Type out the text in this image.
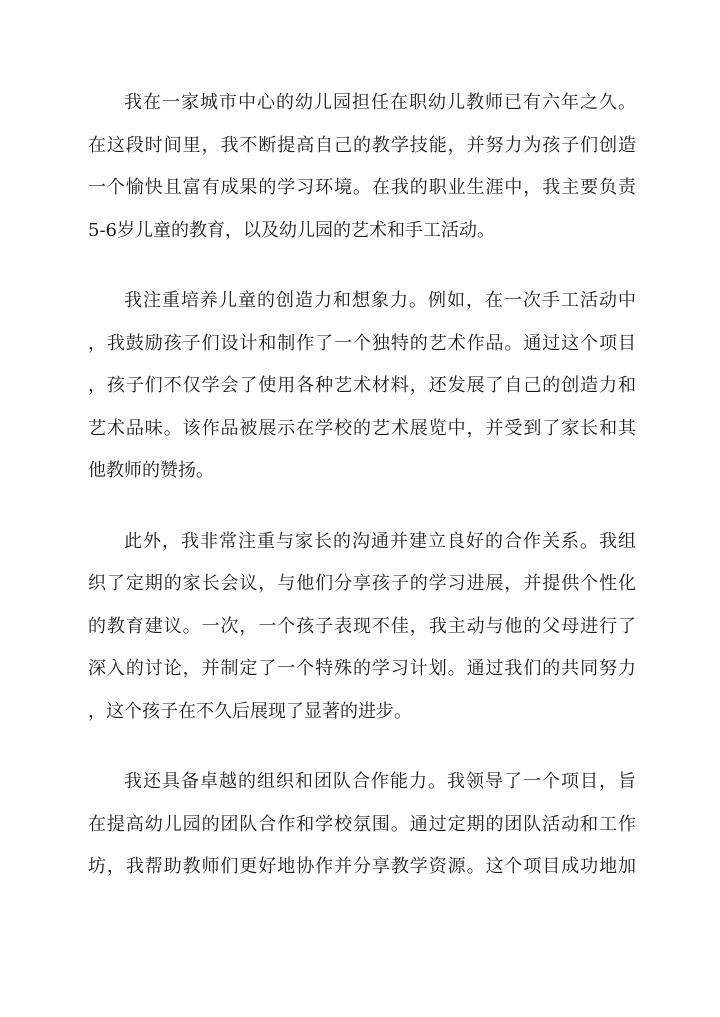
我在一家城市中心的幼儿园担任在职幼儿教师已有六年之久。
在这段时间里，我不断提高自己的教学技能，并努力为孩子们创造
一个愉快且富有成果的学习环境。在我的职业生涯中，我主要负责
5-6岁儿童的教育，以及幼儿园的艺术和手工活动。
我注重培养儿童的创造力和想象力。例如，在一次手工活动中
，我鼓励孩子们设计和制作了一个独特的艺术作品。通过这个项目
，孩子们不仅学会了使用各种艺术材料，还发展了自己的创造力和
艺术品味。该作品被展示在学校的艺术展览中，并受到了家长和其
他教师的赞扬。
此外，我非常注重与家长的沟通并建立良好的合作关系。我组
织了定期的家长会议，与他们分享孩子的学习进展，并提供个性化
的教育建议。一次，一个孩子表现不佳，我主动与他的父母进行了
深入的讨论，并制定了一个特殊的学习计划。通过我们的共同努力
，这个孩子在不久后展现了显著的进步。
我还具备卓越的组织和团队合作能力。我领导了一个项目，旨
在提高幼儿园的团队合作和学校氛围。通过定期的团队活动和工作
坊，我帮助教师们更好地协作并分享教学资源。这个项目成功地加
